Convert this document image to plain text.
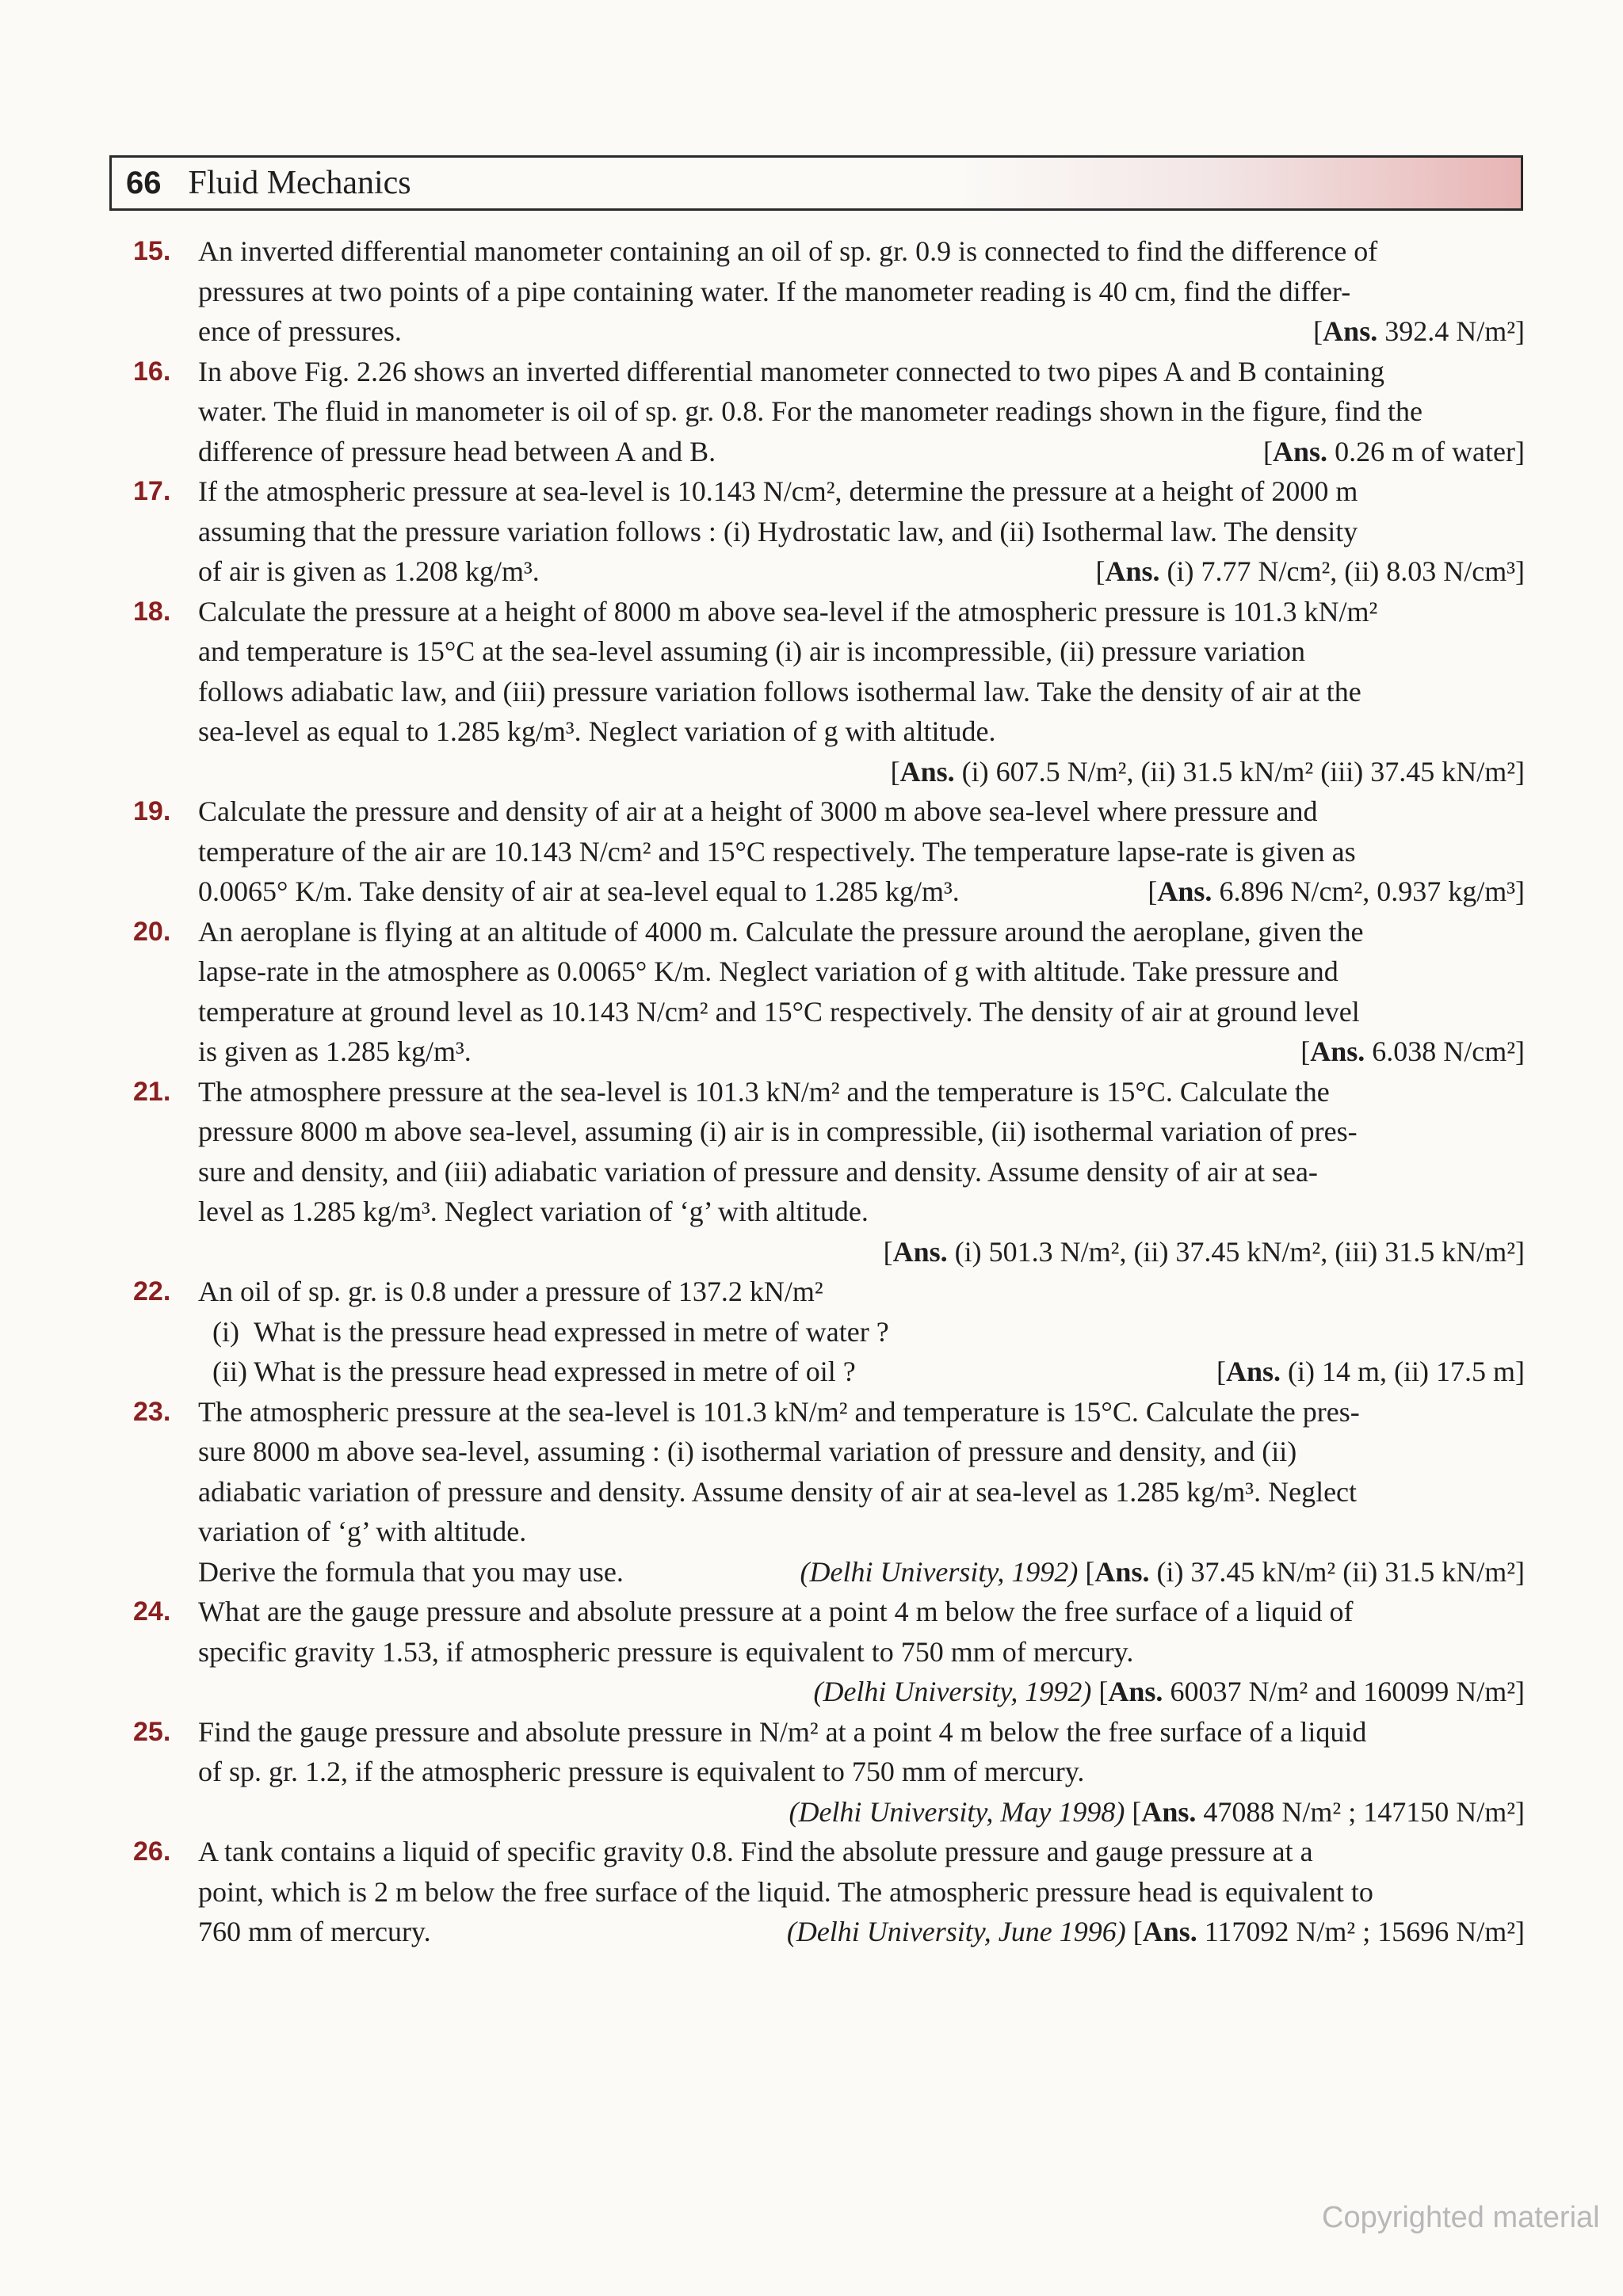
66 Fluid Mechanics
15. An inverted differential manometer containing an oil of sp. gr. 0.9 is connected to find the difference of
pressures at two points of a pipe containing water. If the manometer reading is 40 cm, find the differ-
ence of pressures.	[Ans. 392.4 N/m²]
16. In above Fig. 2.26 shows an inverted differential manometer connected to two pipes A and B containing
water. The fluid in manometer is oil of sp. gr. 0.8. For the manometer readings shown in the figure, find the
difference of pressure head between A and B.	[Ans. 0.26 m of water]
17. If the atmospheric pressure at sea-level is 10.143 N/cm², determine the pressure at a height of 2000 m
assuming that the pressure variation follows : (i) Hydrostatic law, and (ii) Isothermal law. The density
of air is given as 1.208 kg/m³.	[Ans. (i) 7.77 N/cm², (ii) 8.03 N/cm³]
18. Calculate the pressure at a height of 8000 m above sea-level if the atmospheric pressure is 101.3 kN/m²
and temperature is 15°C at the sea-level assuming (i) air is incompressible, (ii) pressure variation
follows adiabatic law, and (iii) pressure variation follows isothermal law. Take the density of air at the
sea-level as equal to 1.285 kg/m³. Neglect variation of g with altitude.
[Ans. (i) 607.5 N/m², (ii) 31.5 kN/m² (iii) 37.45 kN/m²]
19. Calculate the pressure and density of air at a height of 3000 m above sea-level where pressure and
temperature of the air are 10.143 N/cm² and 15°C respectively. The temperature lapse-rate is given as
0.0065° K/m. Take density of air at sea-level equal to 1.285 kg/m³.	[Ans. 6.896 N/cm², 0.937 kg/m³]
20. An aeroplane is flying at an altitude of 4000 m. Calculate the pressure around the aeroplane, given the
lapse-rate in the atmosphere as 0.0065° K/m. Neglect variation of g with altitude. Take pressure and
temperature at ground level as 10.143 N/cm² and 15°C respectively. The density of air at ground level
is given as 1.285 kg/m³.	[Ans. 6.038 N/cm²]
21. The atmosphere pressure at the sea-level is 101.3 kN/m² and the temperature is 15°C. Calculate the
pressure 8000 m above sea-level, assuming (i) air is in compressible, (ii) isothermal variation of pres-
sure and density, and (iii) adiabatic variation of pressure and density. Assume density of air at sea-
level as 1.285 kg/m³. Neglect variation of ‘g’ with altitude.
[Ans. (i) 501.3 N/m², (ii) 37.45 kN/m², (iii) 31.5 kN/m²]
22. An oil of sp. gr. is 0.8 under a pressure of 137.2 kN/m²
(i) What is the pressure head expressed in metre of water ?
(ii) What is the pressure head expressed in metre of oil ?	[Ans. (i) 14 m, (ii) 17.5 m]
23. The atmospheric pressure at the sea-level is 101.3 kN/m² and temperature is 15°C. Calculate the pres-
sure 8000 m above sea-level, assuming : (i) isothermal variation of pressure and density, and (ii)
adiabatic variation of pressure and density. Assume density of air at sea-level as 1.285 kg/m³. Neglect
variation of ‘g’ with altitude.
Derive the formula that you may use.	(Delhi University, 1992) [Ans. (i) 37.45 kN/m² (ii) 31.5 kN/m²]
24. What are the gauge pressure and absolute pressure at a point 4 m below the free surface of a liquid of
specific gravity 1.53, if atmospheric pressure is equivalent to 750 mm of mercury.
(Delhi University, 1992)
[Ans. 60037 N/m² and 160099 N/m²]
25. Find the gauge pressure and absolute pressure in N/m² at a point 4 m below the free surface of a liquid
of sp. gr. 1.2, if the atmospheric pressure is equivalent to 750 mm of mercury.
(Delhi University, May 1998)
[Ans. 47088 N/m² ; 147150 N/m²]
26. A tank contains a liquid of specific gravity 0.8. Find the absolute pressure and gauge pressure at a
point, which is 2 m below the free surface of the liquid. The atmospheric pressure head is equivalent to
760 mm of mercury.	(Delhi University, June 1996) [Ans. 117092 N/m² ; 15696 N/m²]
Copyrighted material
